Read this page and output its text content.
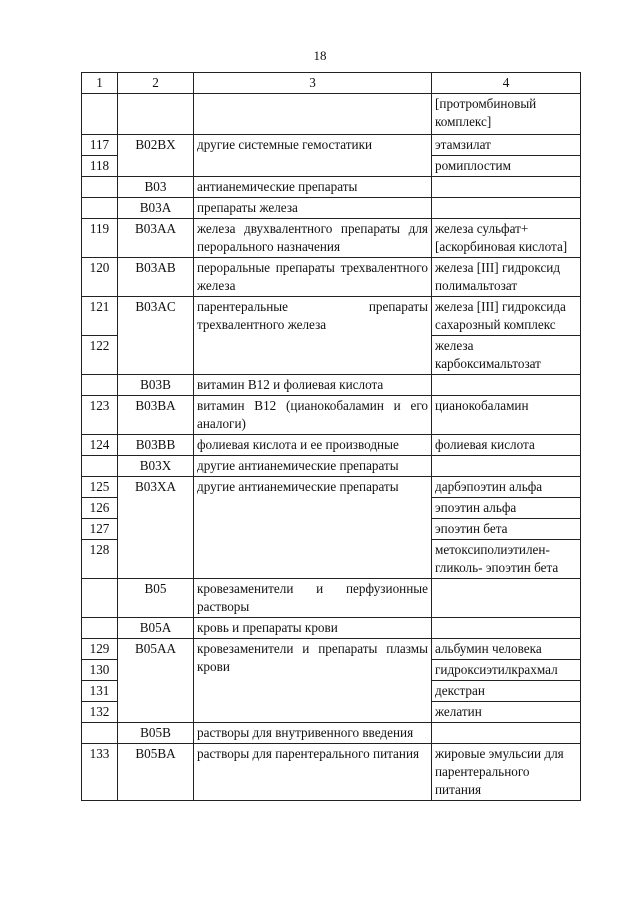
18
1	2	3	4
			[протромбиновый комплекс]
117	B02BX	другие системные гемостатики	этамзилат
118			ромиплостим
	B03	антианемические препараты	
	B03A	препараты железа	
119	B03AA	железа двухвалентного препараты для перорального назначения	железа сульфат+[аскорбиновая кислота]
120	B03AB	пероральные препараты трехвалентного железа	железа [III] гидроксид полимальтозат
121	B03AC	парентеральные препараты трехвалентного железа	железа [III] гидроксида сахарозный комплекс
122			железа карбоксимальтозат
	B03B	витамин B12 и фолиевая кислота	
123	B03BA	витамин B12 (цианокобаламин и его аналоги)	цианокобаламин
124	B03BB	фолиевая кислота и ее производные	фолиевая кислота
	B03X	другие антианемические препараты	
125	B03XA	другие антианемические препараты	дарбэпоэтин альфа
126			эпоэтин альфа
127			эпоэтин бета
128			метоксиполиэтилен-гликоль- эпоэтин бета
	B05	кровезаменители и перфузионные растворы	
	B05A	кровь и препараты крови	
129	B05AA	кровезаменители и препараты плазмы крови	альбумин человека
130			гидроксиэтилкрахмал
131			декстран
132			желатин
	B05B	растворы для внутривенного введения	
133	B05BA	растворы для парентерального питания	жировые эмульсии для парентерального питания
